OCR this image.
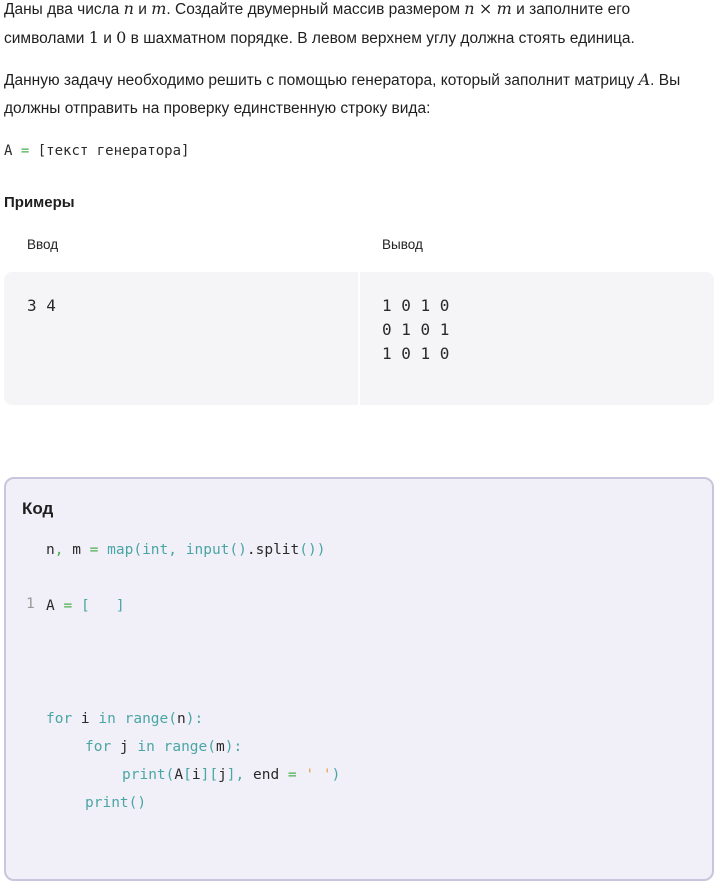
Даны два числа n и m. Создайте двумерный массив размером n × m и заполните его символами 1 и 0 в шахматном порядке. В левом верхнем углу должна стоять единица.

Данную задачу необходимо решить с помощью генератора, который заполнит матрицу A. Вы должны отправить на проверку единственную строку вида:

A = [текст генератора]
Примеры
Ввод	Вывод
3 4	1 0 1 0
0 1 0 1
1 0 1 0
Код
n, m = map(int, input().split())
1 A = [ ]
for i in range(n):
for j in range(m):
print(A[i][j], end = ' ')
print()
